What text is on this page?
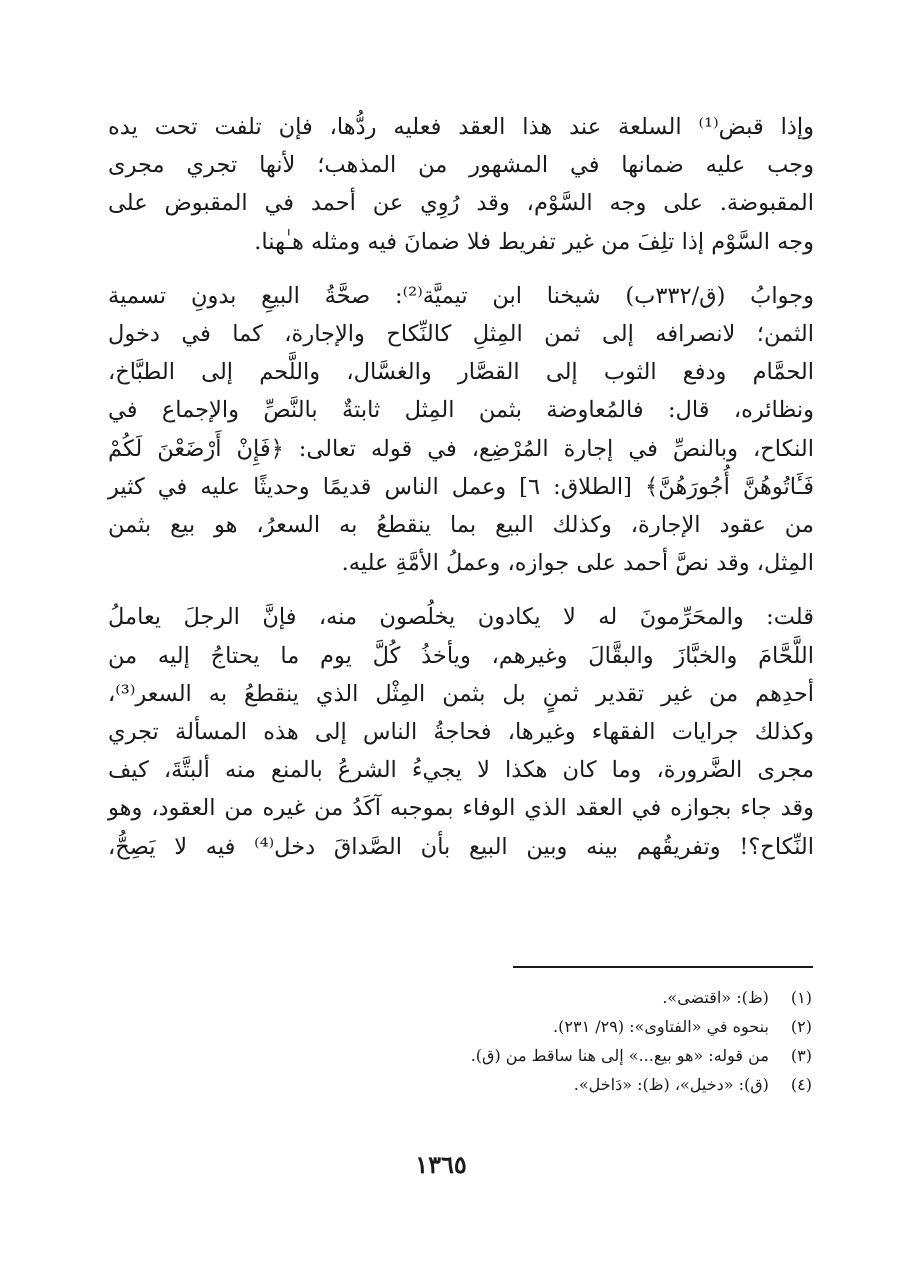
وإذا قبض⁽¹⁾ السلعة عند هذا العقد فعليه ردُّها، فإن تلفت تحت يده
وجب عليه ضمانها في المشهور من المذهب؛ لأنها تجري مجرى
المقبوضة. على وجه السَّوْم، وقد رُوِي عن أحمد في المقبوض على
وجه السَّوْم إذا تلِفَ من غير تفريط فلا ضمانَ فيه ومثله هـٰهنا.
وجوابُ (ق/٣٣٢ب) شيخنا ابن تيميَّة⁽²⁾: صحَّةُ البيعِ بدونِ تسمية
الثمن؛ لانصرافه إلى ثمن المِثلِ كالنِّكاح والإجارة، كما في دخول
الحمَّام ودفع الثوب إلى القصَّار والغسَّال، واللَّحم إلى الطبَّاخ،
ونظائره، قال: فالمُعاوضة بثمن المِثل ثابتةٌ بالنَّصِّ والإجماع في
النكاح، وبالنصِّ في إجارة المُرْضِع، في قوله تعالى: ﴿فَإِنْ أَرْضَعْنَ لَكُمْ
فَـَٔاتُوهُنَّ أُجُورَهُنَّ﴾ [الطلاق: ٦] وعمل الناس قديمًا وحديثًا عليه في كثير
من عقود الإجارة، وكذلك البيع بما ينقطعُ به السعرُ، هو بيع بثمن
المِثل، وقد نصَّ أحمد على جوازه، وعملُ الأمَّةِ عليه.
قلت: والمحَرِّمونَ له لا يكادون يخلُصون منه، فإنَّ الرجلَ يعاملُ
اللَّحَّامَ والخبَّازَ والبقَّالَ وغيرهم، ويأخذُ كُلَّ يوم ما يحتاجُ إليه من
أحدِهم من غير تقدير ثمنٍ بل بثمن المِثْل الذي ينقطعُ به السعر⁽³⁾،
وكذلك جرايات الفقهاء وغيرها، فحاجةُ الناس إلى هذه المسألة تجري
مجرى الضَّرورة، وما كان هكذا لا يجيءُ الشرعُ بالمنع منه ألبتَّةَ، كيف
وقد جاء بجوازه في العقد الذي الوفاء بموجبه آكَدُ من غيره من العقود، وهو
النِّكاح؟! وتفريقُهم بينه وبين البيع بأن الصَّداقَ دخل⁽⁴⁾ فيه لا يَصِحُّ،
(١) (ظ): «اقتضى».
(٢) بنحوه في «الفتاوى»: (٢٩/ ٢٣١).
(٣) من قوله: «هو بيع...» إلى هنا ساقط من (ق).
(٤) (ق): «دخيل»، (ظ): «دَاخل».
١٣٦٥
